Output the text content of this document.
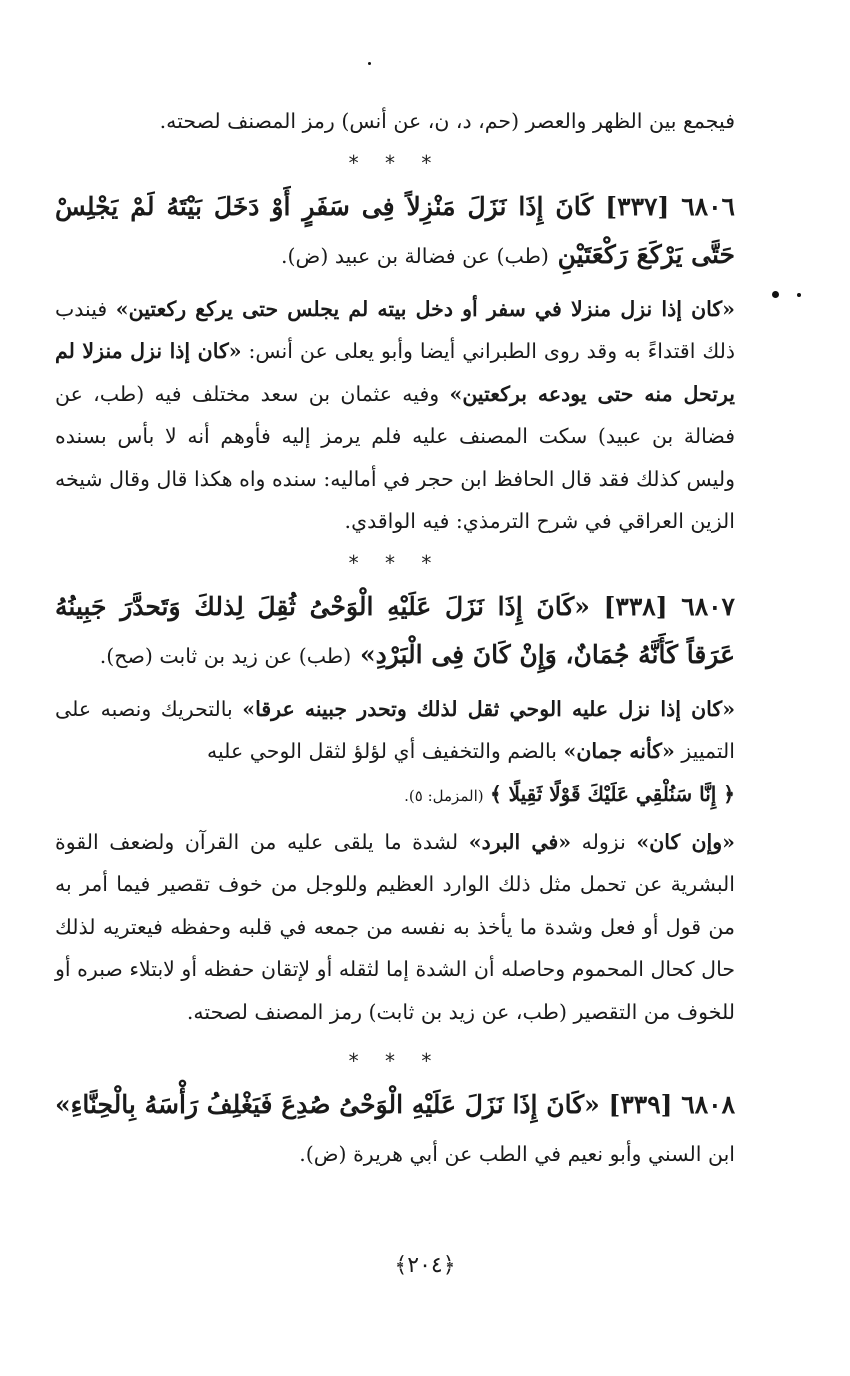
فيجمع بين الظهر والعصر (حم، د، ن، عن أنس) رمز المصنف لصحته.

* * *

٦٨٠٦ [٣٣٧] كَانَ إِذَا نَزَلَ مَنْزِلاً فِى سَفَرٍ أَوْ دَخَلَ بَيْتَهُ لَمْ يَجْلِسْ حَتَّى يَرْكَعَ رَكْعَتَيْنِ (طب) عن فضالة بن عبيد (ض).

«كان إذا نزل منزلا في سفر أو دخل بيته لم يجلس حتى يركع ركعتين» فيندب ذلك اقتداءً به وقد روى الطبراني أيضا وأبو يعلى عن أنس: «كان إذا نزل منزلا لم يرتحل منه حتى يودعه بركعتين» وفيه عثمان بن سعد مختلف فيه (طب، عن فضالة بن عبيد) سكت المصنف عليه فلم يرمز إليه فأوهم أنه لا بأس بسنده وليس كذلك فقد قال الحافظ ابن حجر في أماليه: سنده واه هكذا قال وقال شيخه الزين العراقي في شرح الترمذي: فيه الواقدي.

* * *

٦٨٠٧ [٣٣٨] «كَانَ إِذَا نَزَلَ عَلَيْهِ الْوَحْىُ ثُقِلَ لِذلكَ وَتَحدَّرَ جَبِينُهُ عَرَقاً كَأَنَّهُ جُمَانٌ، وَإِنْ كَانَ فِى الْبَرْدِ» (طب) عن زيد بن ثابت (صح).

«كان إذا نزل عليه الوحي ثقل لذلك وتحدر جبينه عرقا» بالتحريك ونصبه على التمييز «كأنه جمان» بالضم والتخفيف أي لؤلؤ لثقل الوحي عليه

﴿ إِنَّا سَنُلْقِي عَلَيْكَ قَوْلًا ثَقِيلًا ﴾ (المزمل: ٥).

«وإن كان» نزوله «في البرد» لشدة ما يلقى عليه من القرآن ولضعف القوة البشرية عن تحمل مثل ذلك الوارد العظيم وللوجل من خوف تقصير فيما أمر به من قول أو فعل وشدة ما يأخذ به نفسه من جمعه في قلبه وحفظه فيعتريه لذلك حال كحال المحموم وحاصله أن الشدة إما لثقله أو لإتقان حفظه أو لابتلاء صبره أو للخوف من التقصير (طب، عن زيد بن ثابت) رمز المصنف لصحته.

* * *

٦٨٠٨ [٣٣٩] «كَانَ إِذَا نَزَلَ عَلَيْهِ الْوَحْىُ صُدِعَ فَيَغْلِفُ رَأْسَهُ بِالْحِنَّاءِ» ابن السني وأبو نعيم في الطب عن أبي هريرة (ض).

﴿٢٠٤﴾
